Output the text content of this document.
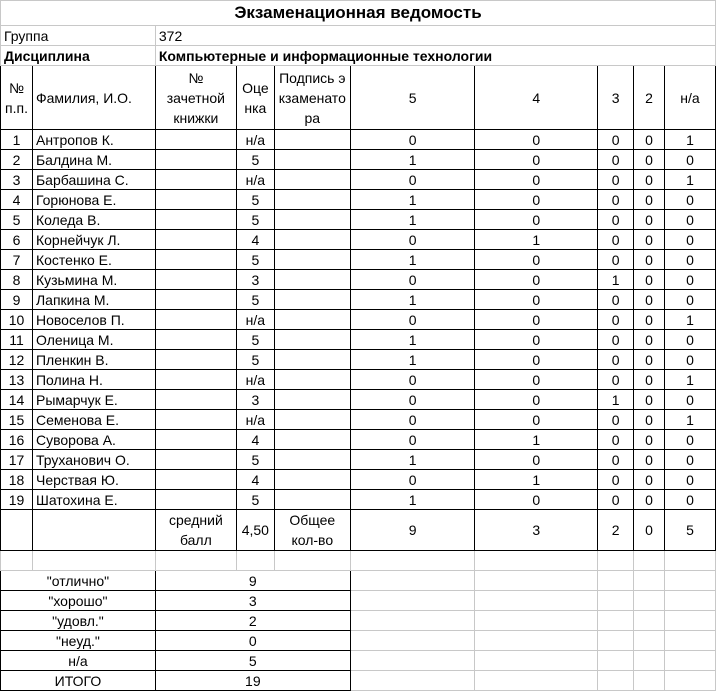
Экзаменационная ведомость									
Группа		372							
Дисциплина		Компьютерные и информационные технологии							
№ п.п.	Фамилия, И.О.	№ зачетной книжки	Оценка	Подпись экзаменатора	5	4	3	2	н/а
1	Антропов К.		н/а		0	0	0	0	1
2	Балдина М.		5		1	0	0	0	0
3	Барбашина С.		н/а		0	0	0	0	1
4	Горюнова Е.		5		1	0	0	0	0
5	Коледа В.		5		1	0	0	0	0
6	Корнейчук Л.		4		0	1	0	0	0
7	Костенко Е.		5		1	0	0	0	0
8	Кузьмина М.		3		0	0	1	0	0
9	Лапкина М.		5		1	0	0	0	0
10	Новоселов П.		н/а		0	0	0	0	1
11	Оленица М.		5		1	0	0	0	0
12	Пленкин В.		5		1	0	0	0	0
13	Полина Н.		н/а		0	0	0	0	1
14	Рымарчук Е.		3		0	0	1	0	0
15	Семенова Е.		н/а		0	0	0	0	1
16	Суворова А.		4		0	1	0	0	0
17	Труханович О.		5		1	0	0	0	0
18	Черствая Ю.		4		0	1	0	0	0
19	Шатохина Е.		5		1	0	0	0	0
		средний балл	4,50	Общее кол-во	9	3	2	0	5

"отлично"		9							
"хорошо"		3							
"удовл."		2							
"неуд."		0							
н/а		5							
ИТОГО		19							
